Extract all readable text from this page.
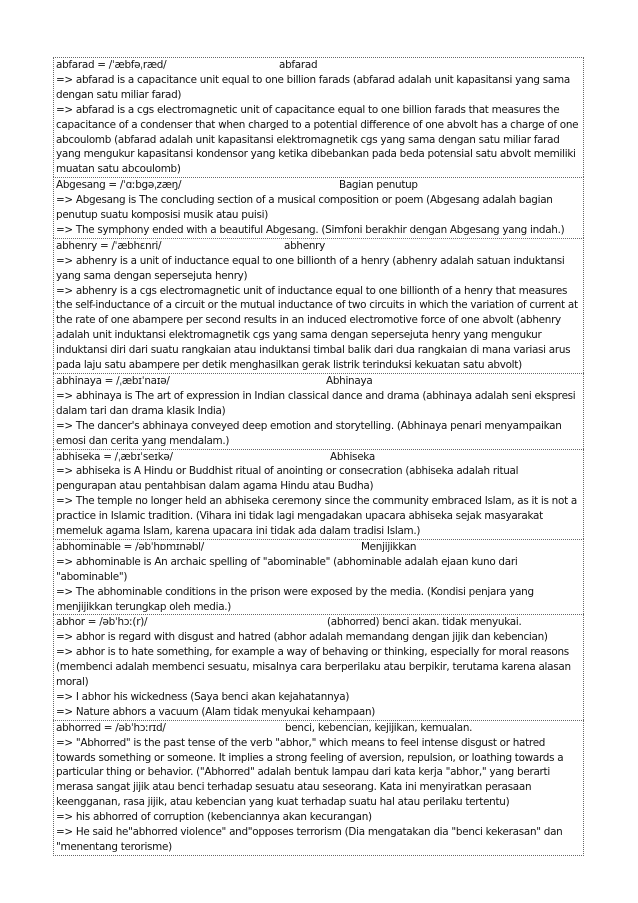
abfarad = /ˈæbfəˌræd/	abfarad
=> abfarad is a capacitance unit equal to one billion farads (abfarad adalah unit kapasitansi yang sama dengan satu miliar farad)
=> abfarad is a cgs electromagnetic unit of capacitance equal to one billion farads that measures the capacitance of a condenser that when charged to a potential difference of one abvolt has a charge of one abcoulomb (abfarad adalah unit kapasitansi elektromagnetik cgs yang sama dengan satu miliar farad yang mengukur kapasitansi kondensor yang ketika dibebankan pada beda potensial satu abvolt memiliki muatan satu abcoulomb)
Abgesang = /ˈɑːbgəˌzæŋ/	Bagian penutup
=> Abgesang is The concluding section of a musical composition or poem (Abgesang adalah bagian penutup suatu komposisi musik atau puisi)
=> The symphony ended with a beautiful Abgesang. (Simfoni berakhir dengan Abgesang yang indah.)
abhenry = /ˈæbhɛnri/	abhenry
=> abhenry is a unit of inductance equal to one billionth of a henry (abhenry adalah satuan induktansi yang sama dengan sepersejuta henry)
=> abhenry is a cgs electromagnetic unit of inductance equal to one billionth of a henry that measures the self-inductance of a circuit or the mutual inductance of two circuits in which the variation of current at the rate of one abampere per second results in an induced electromotive force of one abvolt (abhenry adalah unit induktansi elektromagnetik cgs yang sama dengan sepersejuta henry yang mengukur induktansi diri dari suatu rangkaian atau induktansi timbal balik dari dua rangkaian di mana variasi arus pada laju satu abampere per detik menghasilkan gerak listrik terinduksi kekuatan satu abvolt)
abhinaya = /ˌæbɪˈnaɪə/	Abhinaya
=> abhinaya is The art of expression in Indian classical dance and drama (abhinaya adalah seni ekspresi dalam tari dan drama klasik India)
=> The dancer's abhinaya conveyed deep emotion and storytelling. (Abhinaya penari menyampaikan emosi dan cerita yang mendalam.)
abhiseka = /ˌæbɪˈseɪkə/	Abhiseka
=> abhiseka is A Hindu or Buddhist ritual of anointing or consecration (abhiseka adalah ritual pengurapan atau pentahbisan dalam agama Hindu atau Budha)
=> The temple no longer held an abhiseka ceremony since the community embraced Islam, as it is not a practice in Islamic tradition. (Vihara ini tidak lagi mengadakan upacara abhiseka sejak masyarakat memeluk agama Islam, karena upacara ini tidak ada dalam tradisi Islam.)
abhominable = /əbˈhɒmɪnəbl/	Menjijikkan
=> abhominable is An archaic spelling of "abominable" (abhominable adalah ejaan kuno dari "abominable")
=> The abhominable conditions in the prison were exposed by the media. (Kondisi penjara yang menjijikkan terungkap oleh media.)
abhor = /əbˈhɔː(r)/	(abhorred) benci akan. tidak menyukai.
=> abhor is regard with disgust and hatred (abhor adalah memandang dengan jijik dan kebencian)
=> abhor is to hate something, for example a way of behaving or thinking, especially for moral reasons (membenci adalah membenci sesuatu, misalnya cara berperilaku atau berpikir, terutama karena alasan moral)
=> I abhor his wickedness (Saya benci akan kejahatannya)
=> Nature abhors a vacuum (Alam tidak menyukai kehampaan)
abhorred = /əbˈhɔːrɪd/	benci, kebencian, kejijikan, kemualan.
=> "Abhorred" is the past tense of the verb "abhor," which means to feel intense disgust or hatred towards something or someone. It implies a strong feeling of aversion, repulsion, or loathing towards a particular thing or behavior. ("Abhorred" adalah bentuk lampau dari kata kerja "abhor," yang berarti merasa sangat jijik atau benci terhadap sesuatu atau seseorang. Kata ini menyiratkan perasaan keengganan, rasa jijik, atau kebencian yang kuat terhadap suatu hal atau perilaku tertentu)
=> his abhorred of corruption (kebenciannya akan kecurangan)
=> He said he"abhorred violence" and"opposes terrorism (Dia mengatakan dia "benci kekerasan" dan "menentang terorisme)
